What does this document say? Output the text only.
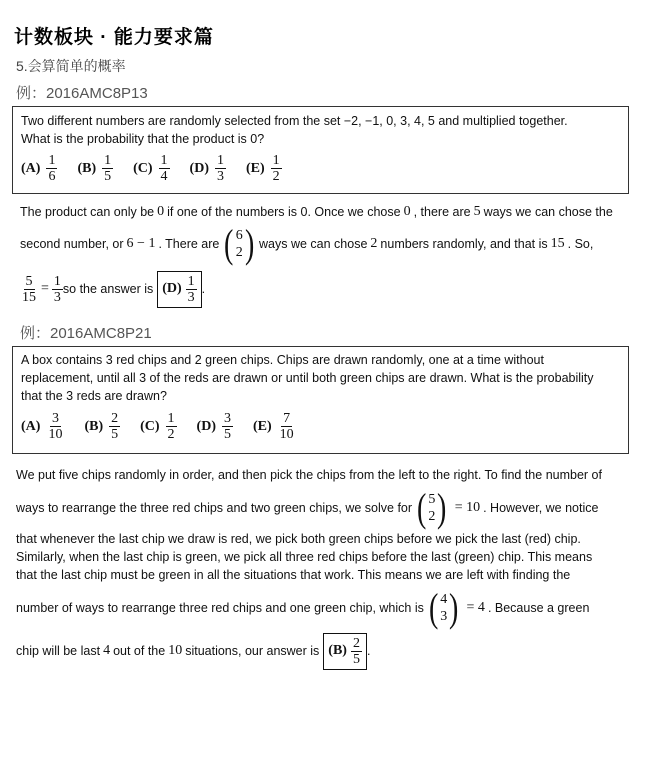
计数板块 · 能力要求篇
5.会算简单的概率
例：2016AMC8P13
Two different numbers are randomly selected from the set −2, −1, 0, 3, 4, 5 and multiplied together.
What is the probability that the product is 0?
$(A) \frac{1}{6} (B) \frac{1}{5} (C) \frac{1}{4} (D) \frac{1}{3} (E) \frac{1}{2}$
The product can only be 0 if one of the numbers is 0. Once we chose 0 , there are 5 ways we can chose the
second number, or 6 − 1 . There are ( 6
2 ) ways we can chose 2 numbers randomly, and that is 15 . So,
$\frac{5}{15} = \frac{1}{3}$ so the answer is $(D) \frac{1}{3}$ .
例：2016AMC8P21
A box contains 3 red chips and 2 green chips. Chips are drawn randomly, one at a time without
replacement, until all 3 of the reds are drawn or until both green chips are drawn. What is the probability
that the 3 reds are drawn?
$(A) \frac{3}{10} (B) \frac{2}{5} (C) \frac{1}{2} (D) \frac{3}{5} (E) \frac{7}{10}$
We put five chips randomly in order, and then pick the chips from the left to the right. To find the number of
ways to rearrange the three red chips and two green chips, we solve for ( 5
2 ) = 10 . However, we notice
that whenever the last chip we draw is red, we pick both green chips before we pick the last (red) chip.
Similarly, when the last chip is green, we pick all three red chips before the last (green) chip. This means
that the last chip must be green in all the situations that work. This means we are left with finding the
number of ways to rearrange three red chips and one green chip, which is ( 4
3 ) = 4 . Because a green
chip will be last 4 out of the 10 situations, our answer is $(B) \frac{2}{5}$ .
